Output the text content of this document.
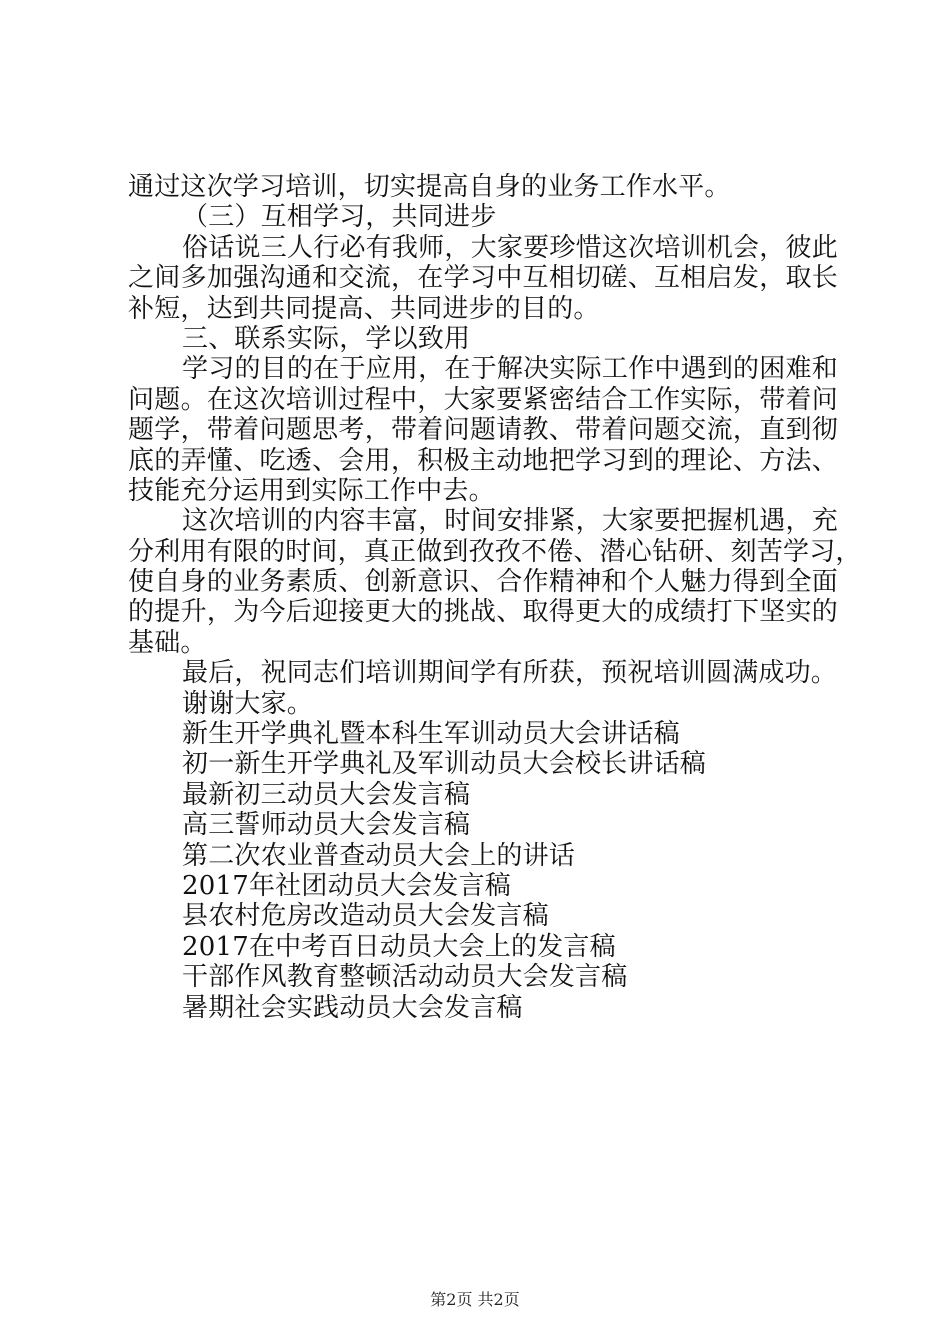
通过这次学习培训，切实提高自身的业务工作水平。
（三）互相学习，共同进步
俗话说三人行必有我师，大家要珍惜这次培训机会，彼此
之间多加强沟通和交流，在学习中互相切磋、互相启发，取长
补短，达到共同提高、共同进步的目的。
三、联系实际，学以致用
学习的目的在于应用，在于解决实际工作中遇到的困难和
问题。在这次培训过程中，大家要紧密结合工作实际，带着问
题学，带着问题思考，带着问题请教、带着问题交流，直到彻
底的弄懂、吃透、会用，积极主动地把学习到的理论、方法、
技能充分运用到实际工作中去。
这次培训的内容丰富，时间安排紧，大家要把握机遇，充
分利用有限的时间，真正做到孜孜不倦、潜心钻研、刻苦学习，
使自身的业务素质、创新意识、合作精神和个人魅力得到全面
的提升，为今后迎接更大的挑战、取得更大的成绩打下坚实的
基础。
最后，祝同志们培训期间学有所获，预祝培训圆满成功。
谢谢大家。
新生开学典礼暨本科生军训动员大会讲话稿
初一新生开学典礼及军训动员大会校长讲话稿
最新初三动员大会发言稿
高三誓师动员大会发言稿
第二次农业普查动员大会上的讲话
2017年社团动员大会发言稿
县农村危房改造动员大会发言稿
2017在中考百日动员大会上的发言稿
干部作风教育整顿活动动员大会发言稿
暑期社会实践动员大会发言稿
第2页 共2页
